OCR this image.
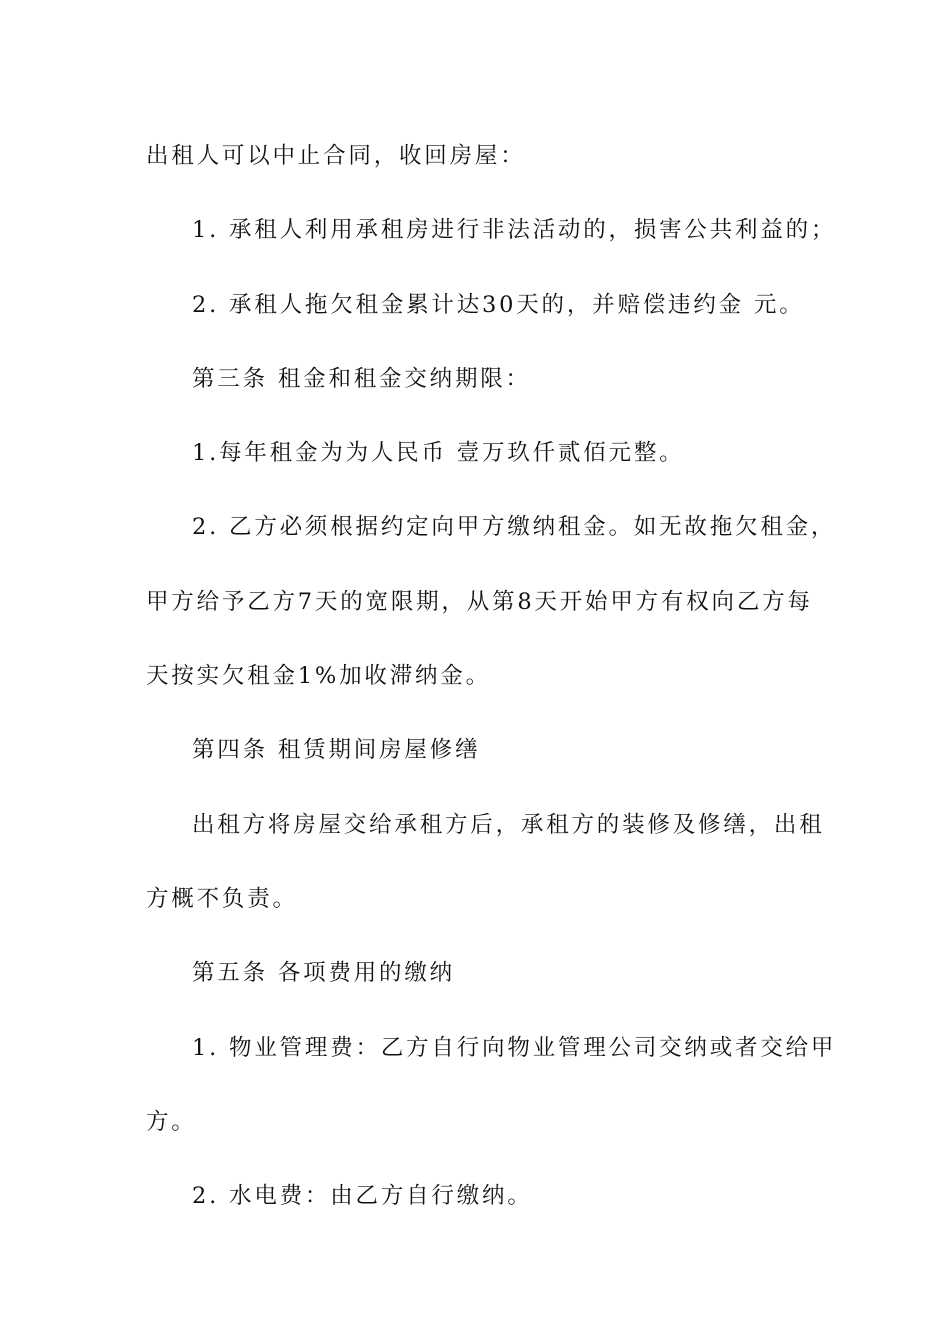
出租人可以中止合同，收回房屋：
1. 承租人利用承租房进行非法活动的，损害公共利益的；
2. 承租人拖欠租金累计达30天的，并赔偿违约金 元。
第三条 租金和租金交纳期限：
1.每年租金为为人民币 壹万玖仟贰佰元整。
2. 乙方必须根据约定向甲方缴纳租金。如无故拖欠租金，
甲方给予乙方7天的宽限期，从第8天开始甲方有权向乙方每
天按实欠租金1%加收滞纳金。
第四条 租赁期间房屋修缮
出租方将房屋交给承租方后，承租方的装修及修缮，出租
方概不负责。
第五条 各项费用的缴纳
1. 物业管理费：乙方自行向物业管理公司交纳或者交给甲
方。
2. 水电费：由乙方自行缴纳。
